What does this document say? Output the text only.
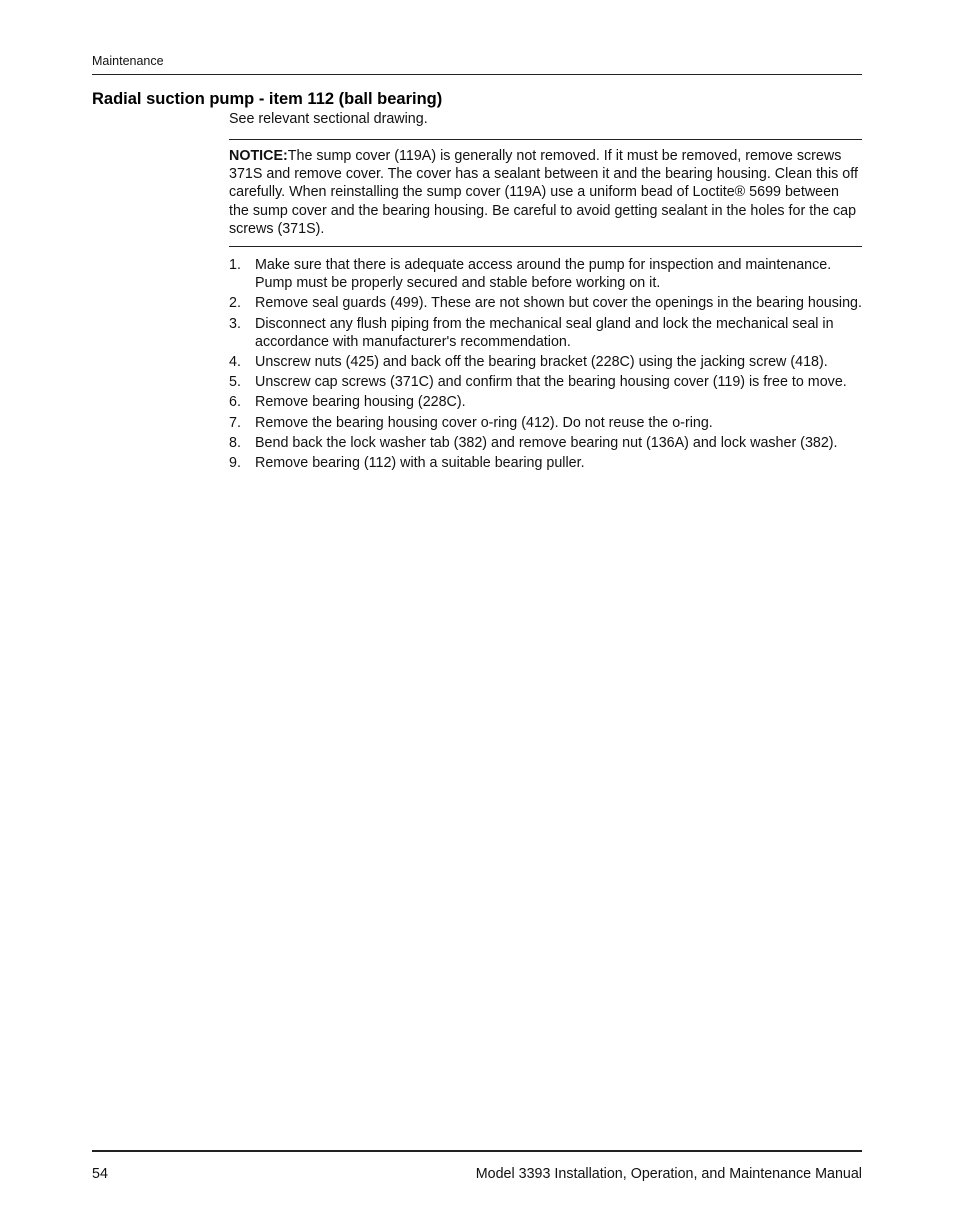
Maintenance
Radial suction pump - item 112 (ball bearing)

See relevant sectional drawing.

NOTICE:The sump cover (119A) is generally not removed. If it must be removed, remove screws 371S and remove cover. The cover has a sealant between it and the bearing housing. Clean this off carefully. When reinstalling the sump cover (119A) use a uniform bead of Loctite® 5699 between the sump cover and the bearing housing. Be careful to avoid getting sealant in the holes for the cap screws (371S).
1. Make sure that there is adequate access around the pump for inspection and maintenance. Pump must be properly secured and stable before working on it.
2. Remove seal guards (499). These are not shown but cover the openings in the bearing housing.
3. Disconnect any flush piping from the mechanical seal gland and lock the mechanical seal in accordance with manufacturer's recommendation.
4. Unscrew nuts (425) and back off the bearing bracket (228C) using the jacking screw (418).
5. Unscrew cap screws (371C) and confirm that the bearing housing cover (119) is free to move.
6. Remove bearing housing (228C).
7. Remove the bearing housing cover o-ring (412). Do not reuse the o-ring.
8. Bend back the lock washer tab (382) and remove bearing nut (136A) and lock washer (382).
9. Remove bearing (112) with a suitable bearing puller.
54	Model 3393 Installation, Operation, and Maintenance Manual
